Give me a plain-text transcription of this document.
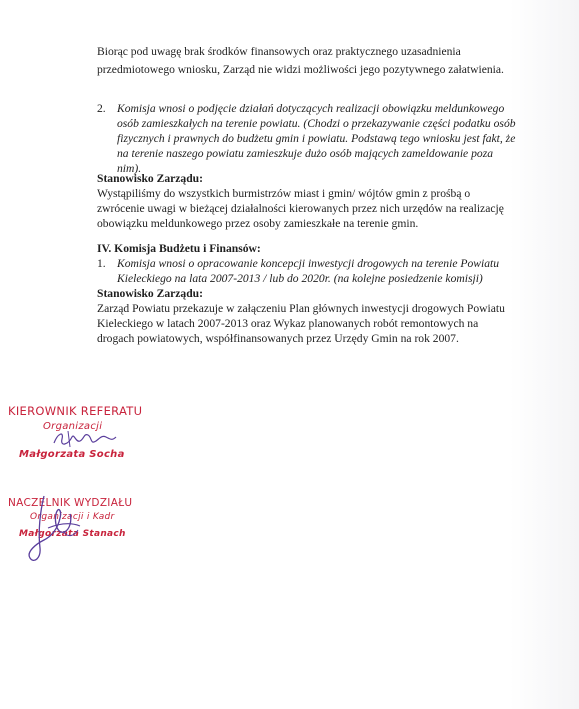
Biorąc pod uwagę brak środków finansowych oraz praktycznego uzasadnienia
przedmiotowego wniosku, Zarząd nie widzi możliwości jego pozytywnego załatwienia.
2. Komisja wnosi o podjęcie działań dotyczących realizacji obowiązku meldunkowego
osób zamieszkałych na terenie powiatu. (Chodzi o przekazywanie części podatku osób
fizycznych i prawnych do budżetu gmin i powiatu. Podstawą tego wniosku jest fakt, że
na terenie naszego powiatu zamieszkuje dużo osób mających zameldowanie poza
nim).
Stanowisko Zarządu:
Wystąpiliśmy do wszystkich burmistrzów miast i gmin/ wójtów gmin z prośbą o
zwrócenie uwagi w bieżącej działalności kierowanych przez nich urzędów na realizację
obowiązku meldunkowego przez osoby zamieszkałe na terenie gmin.
IV. Komisja Budżetu i Finansów:
1. Komisja wnosi o opracowanie koncepcji inwestycji drogowych na terenie Powiatu
Kieleckiego na lata 2007-2013 / lub do 2020r. (na kolejne posiedzenie komisji)
Stanowisko Zarządu:
Zarząd Powiatu przekazuje w załączeniu Plan głównych inwestycji drogowych Powiatu
Kieleckiego w latach 2007-2013 oraz Wykaz planowanych robót remontowych na
drogach powiatowych, współfinansowanych przez Urzędy Gmin na rok 2007.
KIEROWNIK REFERATU
Organizacji
Małgorzata Socha
NACZELNIK WYDZIAŁU
Organizacji i Kadr
Małgorzata Stanach
